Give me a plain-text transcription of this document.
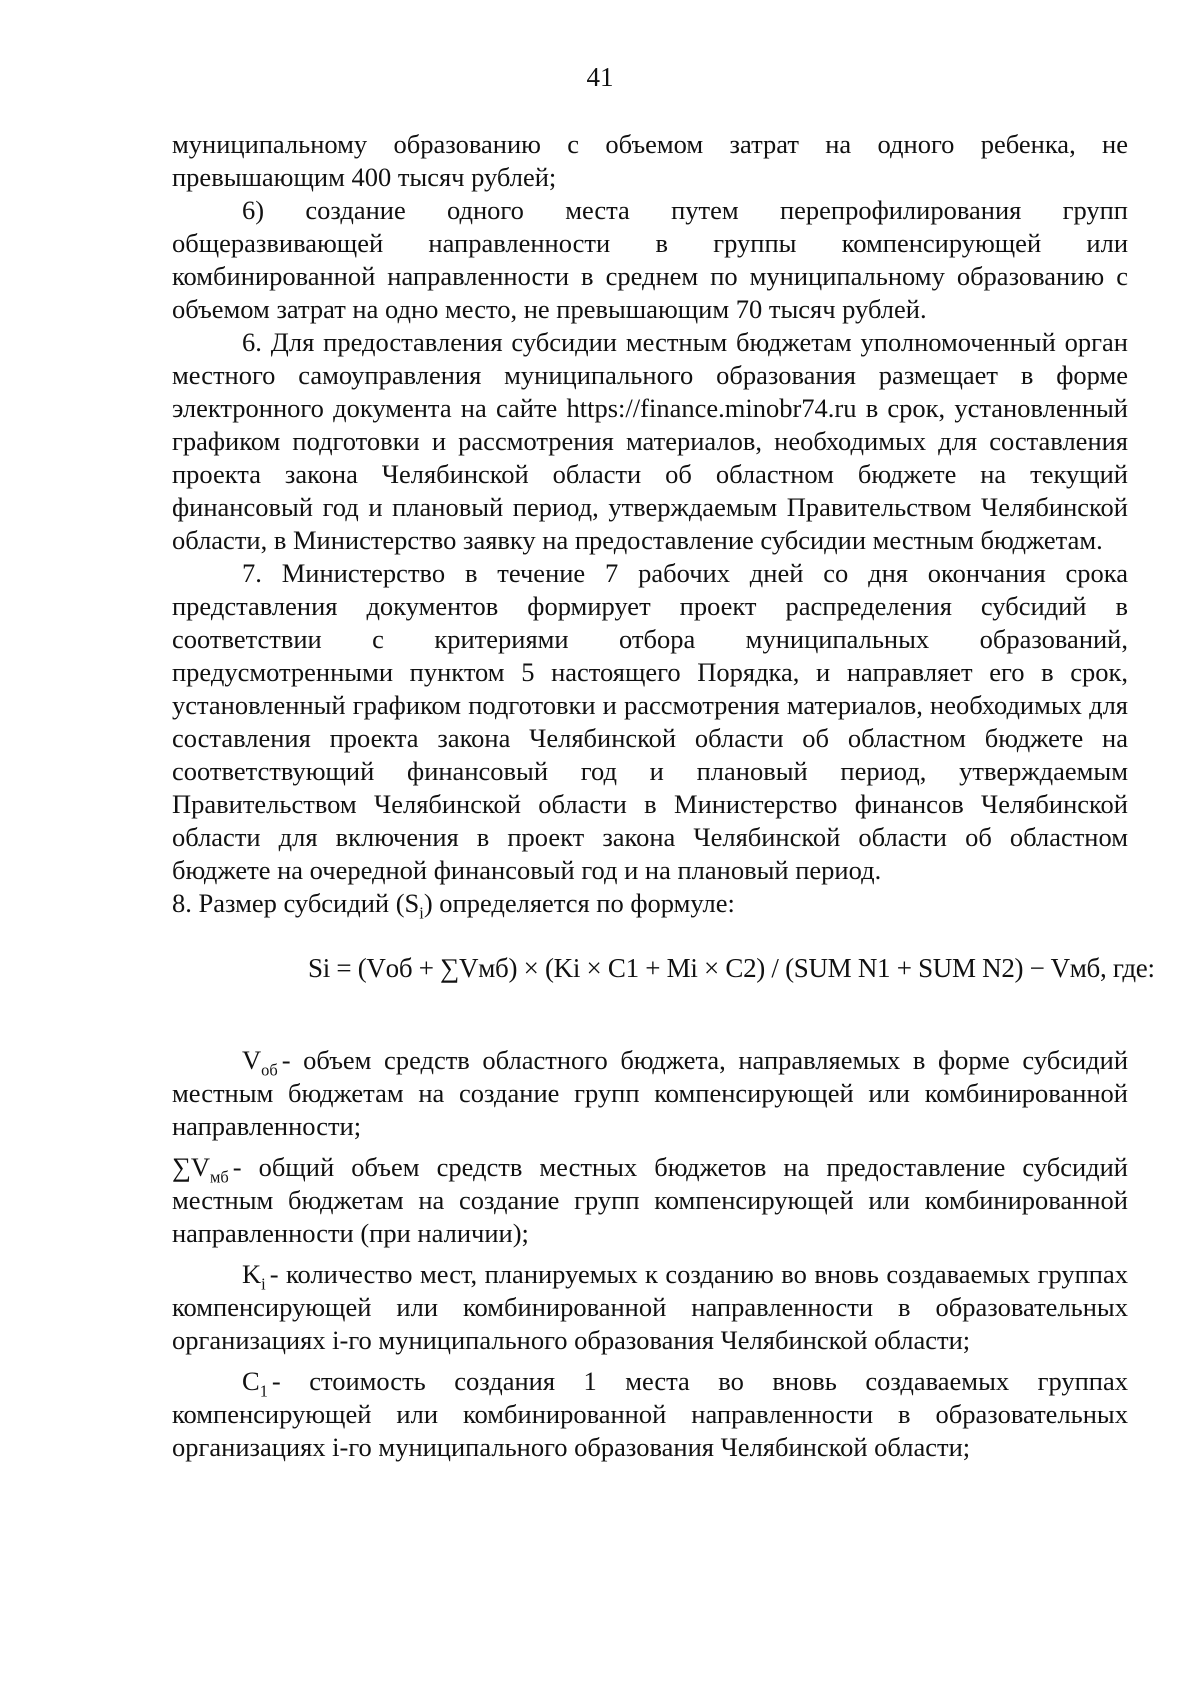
41

муниципальному образованию с объемом затрат на одного ребенка, не превышающим 400 тысяч рублей;

6) создание одного места путем перепрофилирования групп общеразвивающей направленности в группы компенсирующей или комбинированной направленности в среднем по муниципальному образованию с объемом затрат на одно место, не превышающим 70 тысяч рублей.

6. Для предоставления субсидии местным бюджетам уполномоченный орган местного самоуправления муниципального образования размещает в форме электронного документа на сайте https://finance.minobr74.ru в срок, установленный графиком подготовки и рассмотрения материалов, необходимых для составления проекта закона Челябинской области об областном бюджете на текущий финансовый год и плановый период, утверждаемым Правительством Челябинской области, в Министерство заявку на предоставление субсидии местным бюджетам.

7. Министерство в течение 7 рабочих дней со дня окончания срока представления документов формирует проект распределения субсидий в соответствии с критериями отбора муниципальных образований, предусмотренными пунктом 5 настоящего Порядка, и направляет его в срок, установленный графиком подготовки и рассмотрения материалов, необходимых для составления проекта закона Челябинской области об областном бюджете на соответствующий финансовый год и плановый период, утверждаемым Правительством Челябинской области в Министерство финансов Челябинской области для включения в проект закона Челябинской области об областном бюджете на очередной финансовый год и на плановый период.

8. Размер субсидий $(S_i)$ определяется по формуле:

Si = (Vоб + ∑Vмб) × (Ki × C1 + Mi × C2) / (SUM N1 + SUM N2) − Vмб, где:

$V_{об}$ - объем средств областного бюджета, направляемых в форме субсидий местным бюджетам на создание групп компенсирующей или комбинированной направленности;

$\sum V_{мб}$ - общий объем средств местных бюджетов на предоставление субсидий местным бюджетам на создание групп компенсирующей или комбинированной направленности (при наличии);

$K_i$ - количество мест, планируемых к созданию во вновь создаваемых группах компенсирующей или комбинированной направленности в образовательных организациях i-го муниципального образования Челябинской области;

$C_1$ - стоимость создания 1 места во вновь создаваемых группах компенсирующей или комбинированной направленности в образовательных организациях i-го муниципального образования Челябинской области;
